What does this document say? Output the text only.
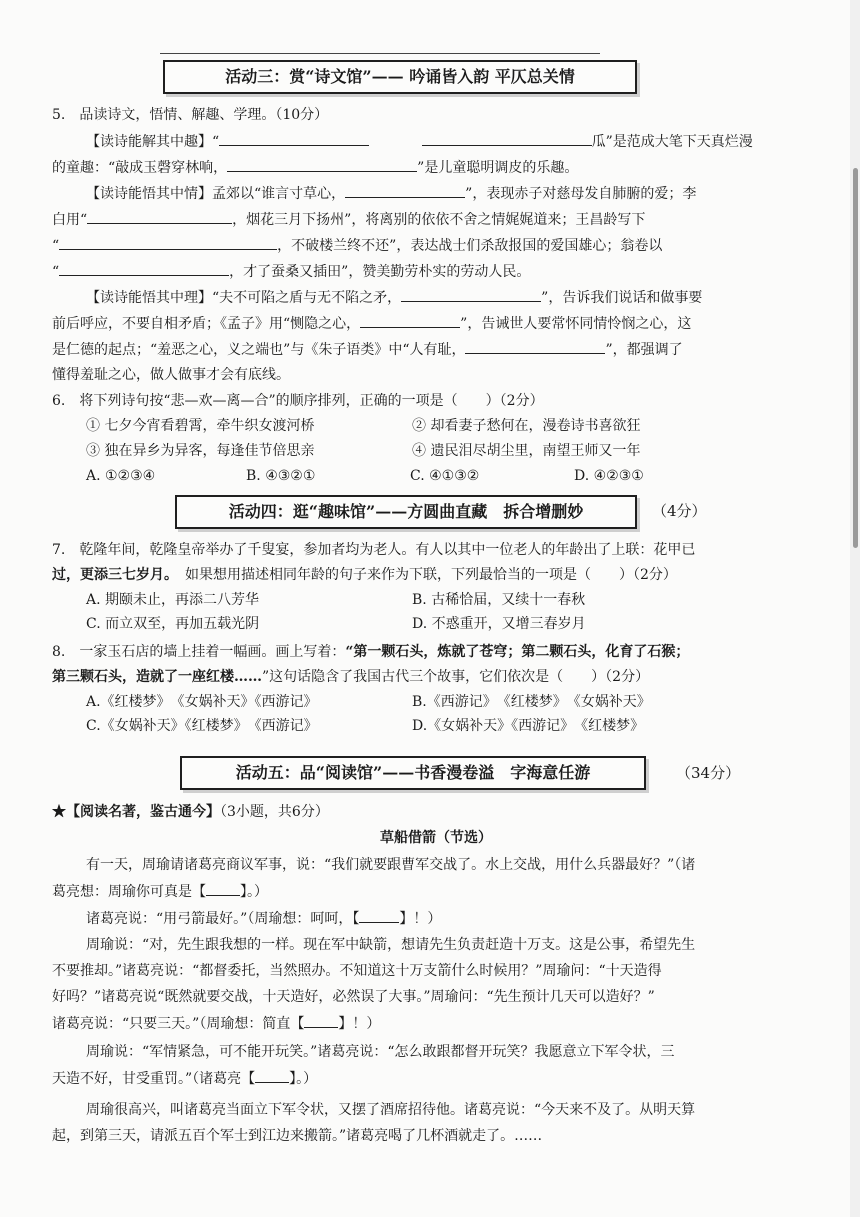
活动三：赏“诗文馆”—— 吟诵皆入韵 平仄总关情
5.　品读诗文，悟情、解趣、学理。（10分）
【读诗能解其中趣】“	瓜”是范成大笔下天真烂漫
的童趣：“敲成玉磬穿林响，	”是儿童聪明调皮的乐趣。
【读诗能悟其中情】孟郊以“谁言寸草心，	”，表现赤子对慈母发自肺腑的爱；李
白用“	，烟花三月下扬州”，将离别的依依不舍之情娓娓道来；王昌龄写下
“	，不破楼兰终不还”，表达战士们杀敌报国的爱国雄心；翁卷以
“	，才了蚕桑又插田”，赞美勤劳朴实的劳动人民。
【读诗能悟其中理】“夫不可陷之盾与无不陷之矛，	”，告诉我们说话和做事要
前后呼应，不要自相矛盾；《孟子》用“恻隐之心，	”，告诫世人要常怀同情怜悯之心，这
是仁德的起点；“羞恶之心，义之端也”与《朱子语类》中“人有耻，	”，都强调了
懂得羞耻之心，做人做事才会有底线。
6.　将下列诗句按“悲—欢—离—合”的顺序排列，正确的一项是（　　）（2分）
① 七夕今宵看碧霄，牵牛织女渡河桥	② 却看妻子愁何在，漫卷诗书喜欲狂
③ 独在异乡为异客，每逢佳节倍思亲	④ 遗民泪尽胡尘里，南望王师又一年
A. ①②③④	B. ④③②①	C. ④①③②	D. ④②③①
活动四：逛“趣味馆”——方圆曲直藏　拆合增删妙	（4分）
7.　乾隆年间，乾隆皇帝举办了千叟宴，参加者均为老人。有人以其中一位老人的年龄出了上联：花甲已
过，更添三七岁月。　 如果想用描述相同年龄的句子来作为下联，下列最恰当的一项是（　　）（2分）
A. 期颐未止，再添二八芳华	B. 古稀恰届，又续十一春秋
C. 而立双至，再加五载光阴	D. 不惑重开，又增三春岁月
8.　一家玉石店的墙上挂着一幅画。画上写着：“第一颗石头，炼就了苍穹；第二颗石头，化育了石猴；
第三颗石头，造就了一座红楼……”这句话隐含了我国古代三个故事，它们依次是（　　）（2分）
A.《红楼梦》　《女娲补天》《西游记》	B.《西游记》　《红楼梦》　《女娲补天》
C.《女娲补天》《红楼梦》　《西游记》	D.《女娲补天》《西游记》　《红楼梦》
活动五：品“阅读馆”——书香漫卷溢　字海意任游	（34分）
★【阅读名著，鉴古通今】（3小题，共6分）
草船借箭（节选）
有一天，周瑜请诸葛亮商议军事，说：“我们就要跟曹军交战了。水上交战，用什么兵器最好？”（诸
葛亮想：周瑜你可真是【 】。）
诸葛亮说：“用弓箭最好。”（周瑜想：呵呵，【	】！）
周瑜说：“对，先生跟我想的一样。现在军中缺箭，想请先生负责赶造十万支。这是公事，希望先生
不要推却。”诸葛亮说：“都督委托，当然照办。不知道这十万支箭什么时候用？”周瑜问：“十天造得
好吗？”诸葛亮说“既然就要交战，十天造好，必然误了大事。”周瑜问：“先生预计几天可以造好？”
诸葛亮说：“只要三天。”（周瑜想：简直【 】！）
周瑜说：“军情紧急，可不能开玩笑。”诸葛亮说：“怎么敢跟都督开玩笑？我愿意立下军令状，三
天造不好，甘受重罚。”（诸葛亮【 】。）
周瑜很高兴，叫诸葛亮当面立下军令状，又摆了酒席招待他。诸葛亮说：“今天来不及了。从明天算
起，到第三天，请派五百个军士到江边来搬箭。”诸葛亮喝了几杯酒就走了。……
